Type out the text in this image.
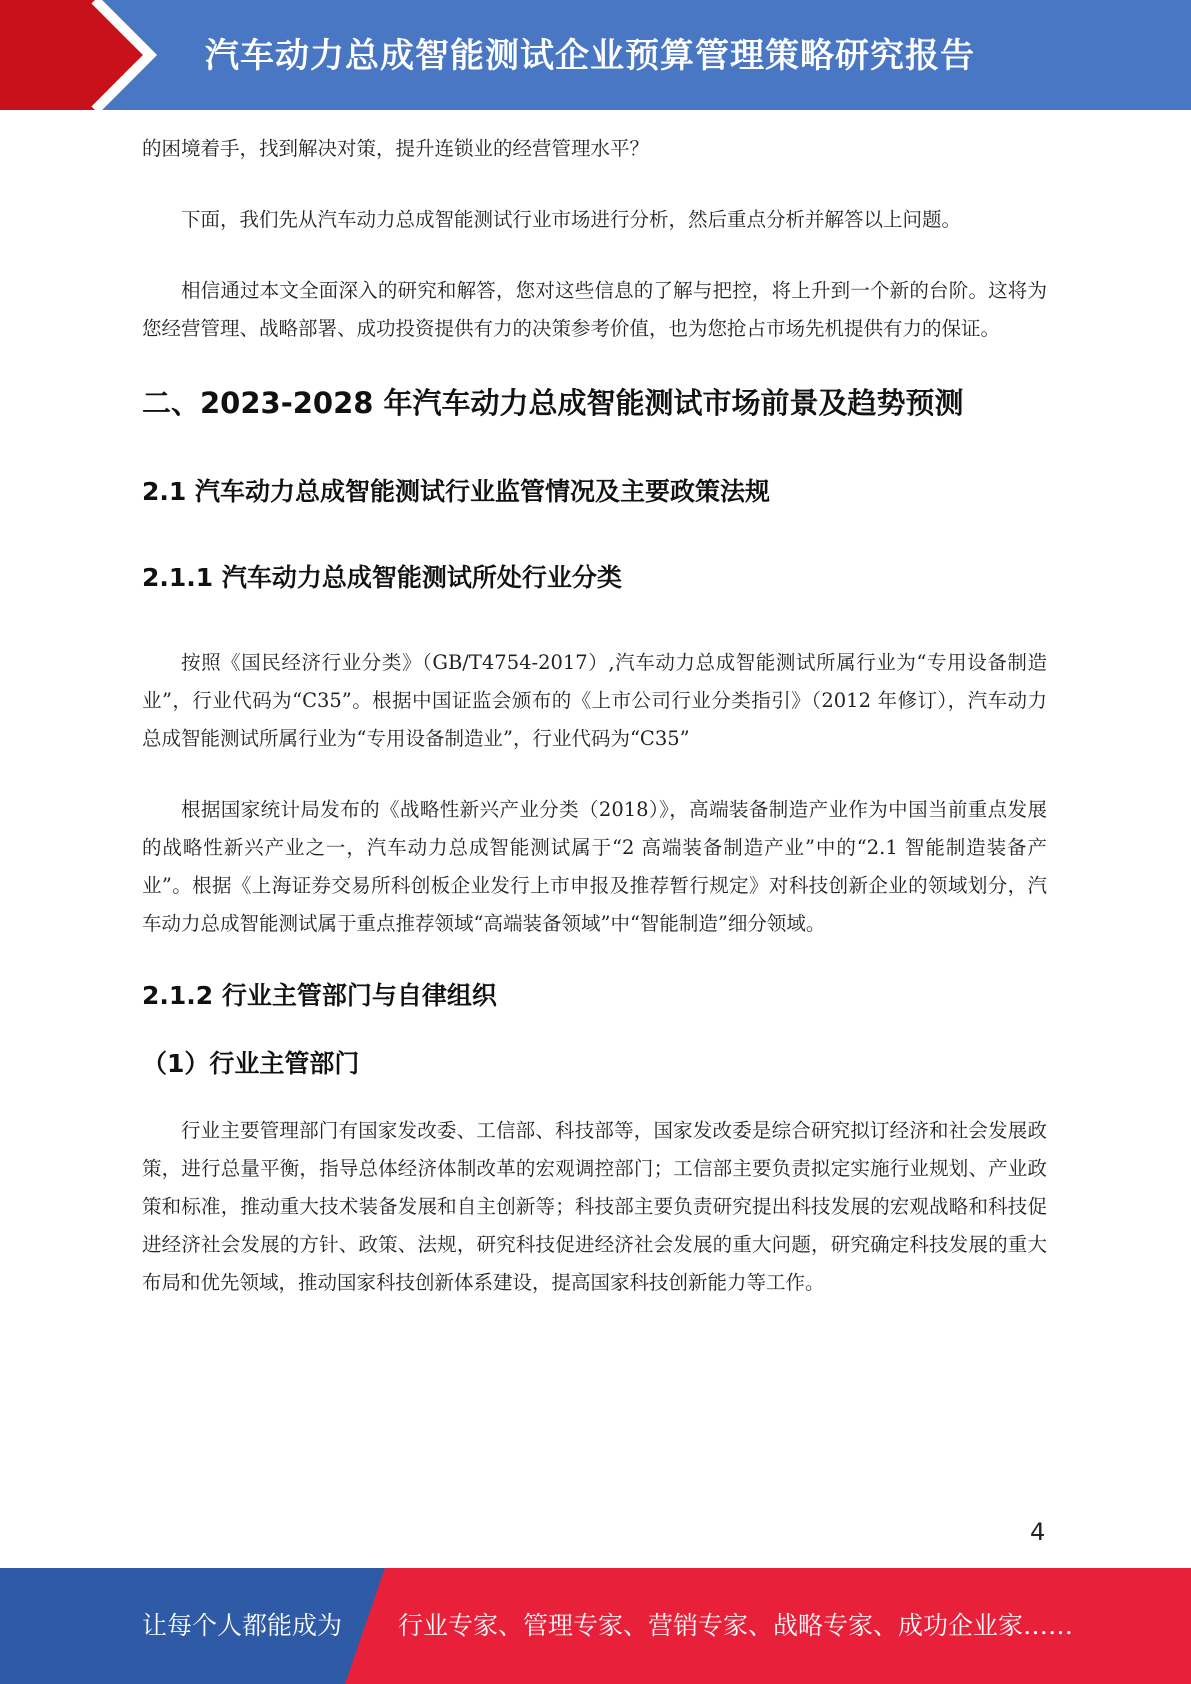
汽车动力总成智能测试企业预算管理策略研究报告

的困境着手，找到解决对策，提升连锁业的经营管理水平？

下面，我们先从汽车动力总成智能测试行业市场进行分析，然后重点分析并解答以上问题。

相信通过本文全面深入的研究和解答，您对这些信息的了解与把控，将上升到一个新的台阶。这将为您经营管理、战略部署、成功投资提供有力的决策参考价值，也为您抢占市场先机提供有力的保证。

二、2023-2028 年汽车动力总成智能测试市场前景及趋势预测
2.1 汽车动力总成智能测试行业监管情况及主要政策法规
2.1.1 汽车动力总成智能测试所处行业分类

按照《国民经济行业分类》（GB/T4754-2017）,汽车动力总成智能测试所属行业为“专用设备制造业”，行业代码为“C35”。根据中国证监会颁布的《上市公司行业分类指引》（2012 年修订），汽车动力总成智能测试所属行业为“专用设备制造业”，行业代码为“C35”

根据国家统计局发布的《战略性新兴产业分类（2018）》，高端装备制造产业作为中国当前重点发展的战略性新兴产业之一，汽车动力总成智能测试属于“2 高端装备制造产业”中的“2.1 智能制造装备产业”。根据《上海证券交易所科创板企业发行上市申报及推荐暂行规定》对科技创新企业的领域划分，汽车动力总成智能测试属于重点推荐领域“高端装备领域”中“智能制造”细分领域。

2.1.2 行业主管部门与自律组织
（1）行业主管部门

行业主要管理部门有国家发改委、工信部、科技部等，国家发改委是综合研究拟订经济和社会发展政策，进行总量平衡，指导总体经济体制改革的宏观调控部门；工信部主要负责拟定实施行业规划、产业政策和标准，推动重大技术装备发展和自主创新等；科技部主要负责研究提出科技发展的宏观战略和科技促进经济社会发展的方针、政策、法规，研究科技促进经济社会发展的重大问题，研究确定科技发展的重大布局和优先领域，推动国家科技创新体系建设，提高国家科技创新能力等工作。

4
让每个人都能成为 行业专家、管理专家、营销专家、战略专家、成功企业家……
